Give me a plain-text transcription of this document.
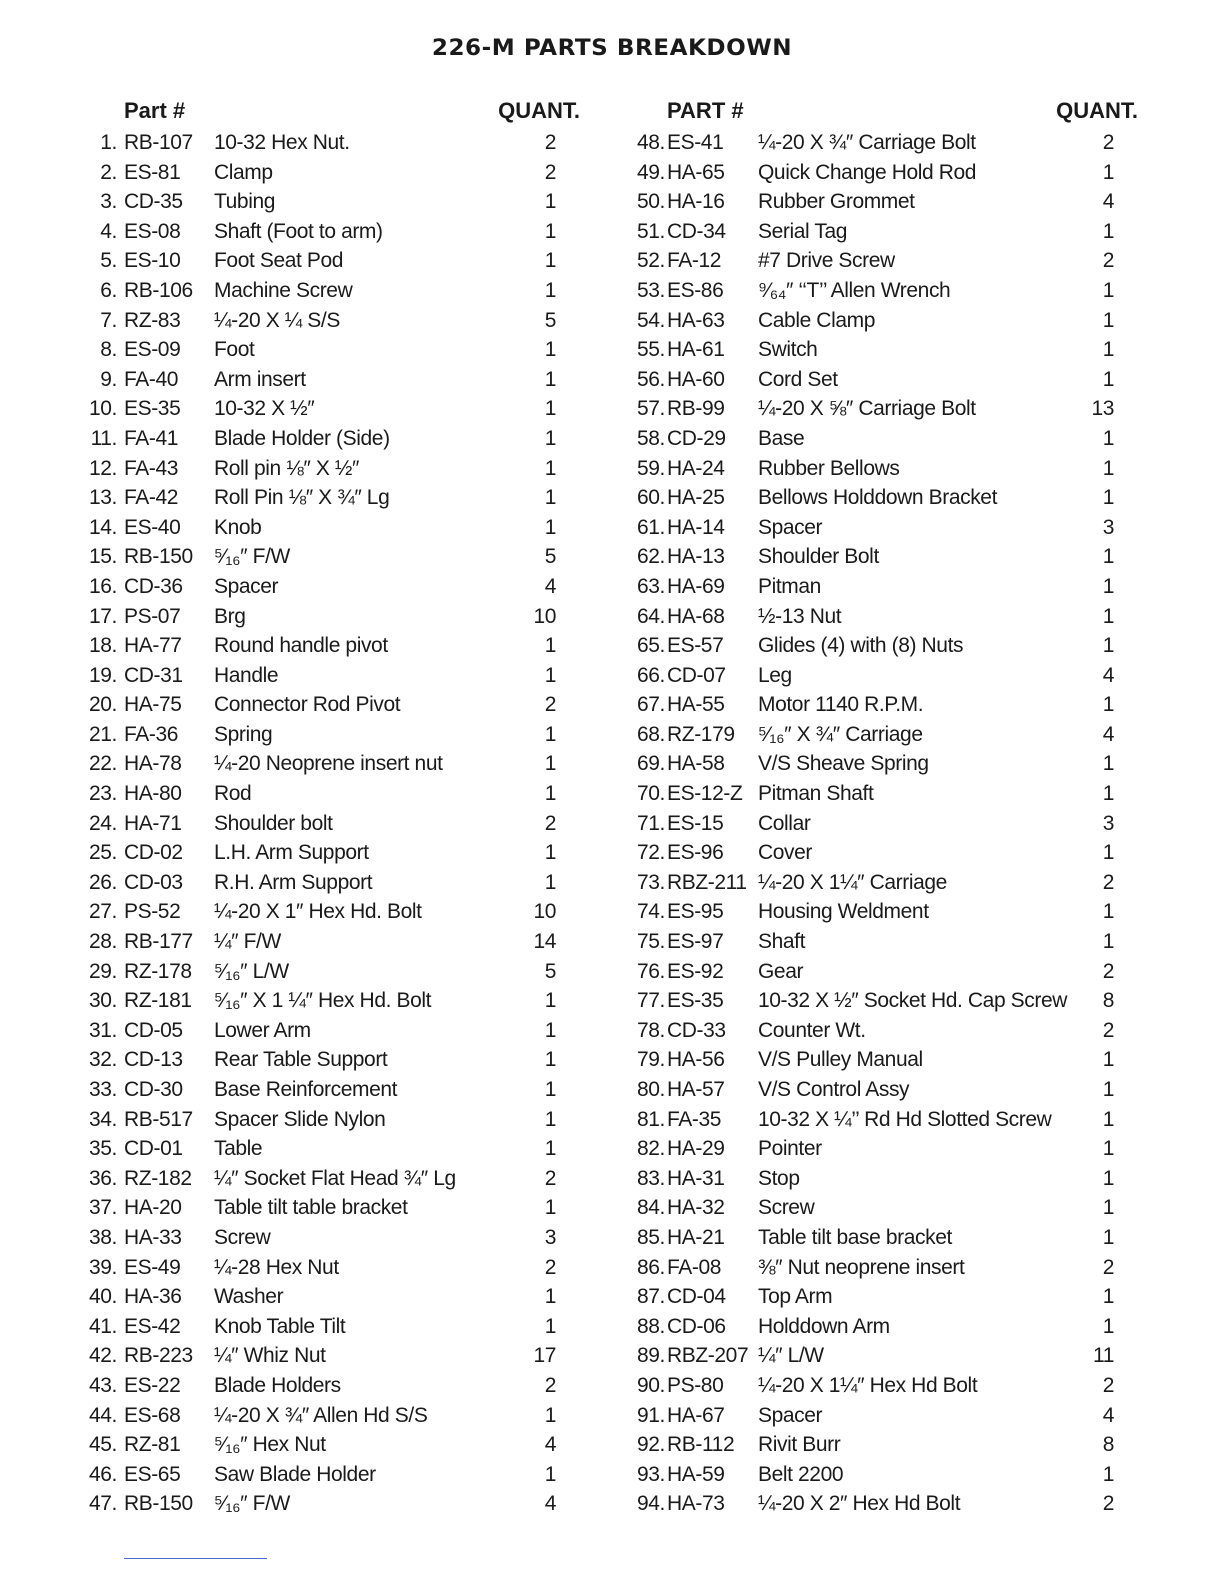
226-M PARTS BREAKDOWN
Part #	QUANT.
1. RB-107 10-32 Hex Nut.	2
2. ES-81 Clamp	2
3. CD-35 Tubing	1
4. ES-08 Shaft (Foot to arm)	1
5. ES-10 Foot Seat Pod	1
6. RB-106 Machine Screw	1
7. RZ-83 ¼-20 X ¼ S/S	5
8. ES-09 Foot	1
9. FA-40 Arm insert	1
10. ES-35 10-32 X ½″	1
11. FA-41 Blade Holder (Side)	1
12. FA-43 Roll pin ⅛″ X ½″	1
13. FA-42 Roll Pin ⅛″ X ¾″ Lg	1
14. ES-40 Knob	1
15. RB-150 ⁵⁄₁₆″ F/W	5
16. CD-36 Spacer	4
17. PS-07 Brg	10
18. HA-77 Round handle pivot	1
19. CD-31 Handle	1
20. HA-75 Connector Rod Pivot	2
21. FA-36 Spring	1
22. HA-78 ¼-20 Neoprene insert nut	1
23. HA-80 Rod	1
24. HA-71 Shoulder bolt	2
25. CD-02 L.H. Arm Support	1
26. CD-03 R.H. Arm Support	1
27. PS-52 ¼-20 X 1″ Hex Hd. Bolt	10
28. RB-177 ¼″ F/W	14
29. RZ-178 ⁵⁄₁₆″ L/W	5
30. RZ-181 ⁵⁄₁₆″ X 1 ¼″ Hex Hd. Bolt	1
31. CD-05 Lower Arm	1
32. CD-13 Rear Table Support	1
33. CD-30 Base Reinforcement	1
34. RB-517 Spacer Slide Nylon	1
35. CD-01 Table	1
36. RZ-182 ¼″ Socket Flat Head ¾″ Lg	2
37. HA-20 Table tilt table bracket	1
38. HA-33 Screw	3
39. ES-49 ¼-28 Hex Nut	2
40. HA-36 Washer	1
41. ES-42 Knob Table Tilt	1
42. RB-223 ¼″ Whiz Nut	17
43. ES-22 Blade Holders	2
44. ES-68 ¼-20 X ¾″ Allen Hd S/S	1
45. RZ-81 ⁵⁄₁₆″ Hex Nut	4
46. ES-65 Saw Blade Holder	1
47. RB-150 ⁵⁄₁₆″ F/W	4
PART #	QUANT.
48. ES-41 ¼-20 X ¾″ Carriage Bolt	2
49. HA-65 Quick Change Hold Rod	1
50. HA-16 Rubber Grommet	4
51. CD-34 Serial Tag	1
52. FA-12 #7 Drive Screw	2
53. ES-86 ⁹⁄₆₄″ ‘‘T’’ Allen Wrench	1
54. HA-63 Cable Clamp	1
55. HA-61 Switch	1
56. HA-60 Cord Set	1
57. RB-99 ¼-20 X ⅝″ Carriage Bolt	13
58. CD-29 Base	1
59. HA-24 Rubber Bellows	1
60. HA-25 Bellows Holddown Bracket	1
61. HA-14 Spacer	3
62. HA-13 Shoulder Bolt	1
63. HA-69 Pitman	1
64. HA-68 ½-13 Nut	1
65. ES-57 Glides (4) with (8) Nuts	1
66. CD-07 Leg	4
67. HA-55 Motor 1140 R.P.M.	1
68. RZ-179 ⁵⁄₁₆″ X ¾″ Carriage	4
69. HA-58 V/S Sheave Spring	1
70. ES-12-Z Pitman Shaft	1
71. ES-15 Collar	3
72. ES-96 Cover	1
73. RBZ-211 ¼-20 X 1¼″ Carriage	2
74. ES-95 Housing Weldment	1
75. ES-97 Shaft	1
76. ES-92 Gear	2
77. ES-35 10-32 X ½″ Socket Hd. Cap Screw 8
78. CD-33 Counter Wt.	2
79. HA-56 V/S Pulley Manual	1
80. HA-57 V/S Control Assy	1
81. FA-35 10-32 X ¼’’ Rd Hd Slotted Screw 1
82. HA-29 Pointer	1
83. HA-31 Stop	1
84. HA-32 Screw	1
85. HA-21 Table tilt base bracket	1
86. FA-08 ⅜″ Nut neoprene insert	2
87. CD-04 Top Arm	1
88. CD-06 Holddown Arm	1
89. RBZ-207 ¼″ L/W	11
90. PS-80 ¼-20 X 1¼″ Hex Hd Bolt	2
91. HA-67 Spacer	4
92. RB-112 Rivit Burr	8
93. HA-59 Belt 2200	1
94. HA-73 ¼-20 X 2″ Hex Hd Bolt	2
